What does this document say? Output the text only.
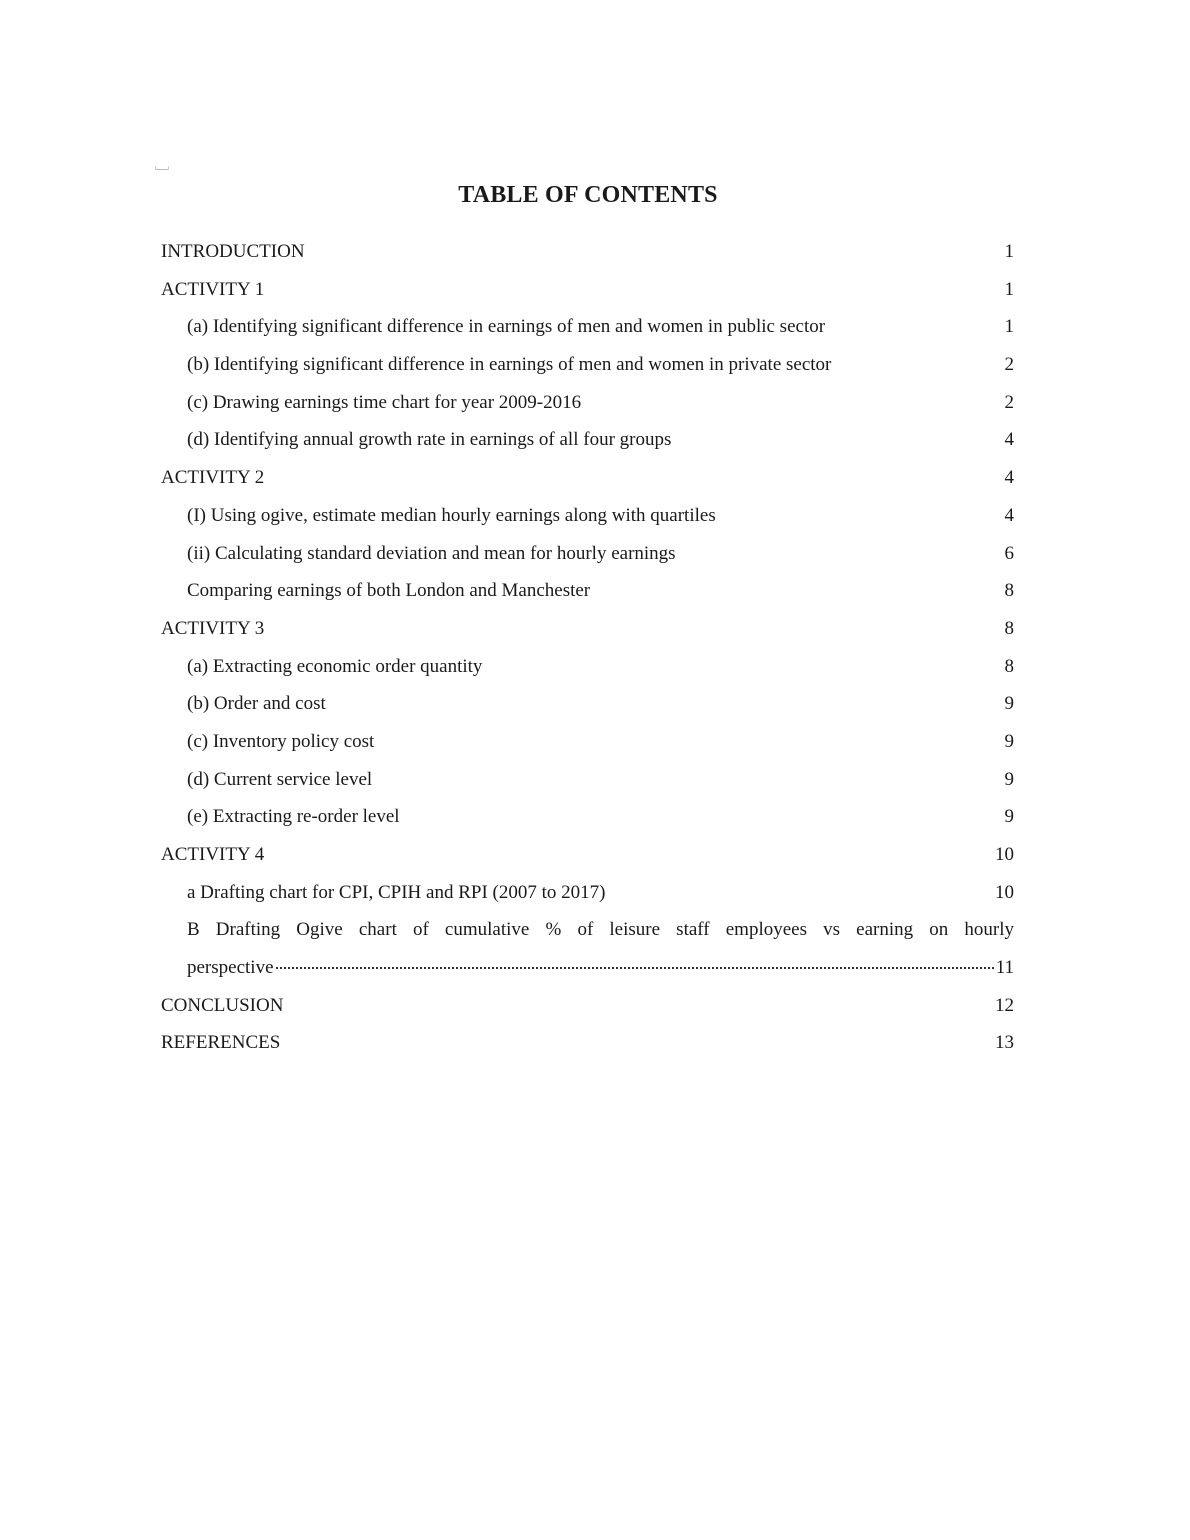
TABLE OF CONTENTS
INTRODUCTION	1
ACTIVITY 1	1
(a) Identifying significant difference in earnings of men and women in public sector	1
(b) Identifying significant difference in earnings of men and women in private sector	2
(c) Drawing earnings time chart for year 2009-2016	2
(d) Identifying annual growth rate in earnings of all four groups	4
ACTIVITY 2	4
(I) Using ogive, estimate median hourly earnings along with quartiles	4
(ii) Calculating standard deviation and mean for hourly earnings	6
Comparing earnings of both London and Manchester	8
ACTIVITY 3	8
(a) Extracting economic order quantity	8
(b) Order and cost	9
(c) Inventory policy cost	9
(d) Current service level	9
(e) Extracting re-order level	9
ACTIVITY 4	10
a Drafting chart for CPI, CPIH and RPI (2007 to 2017)	10
B Drafting Ogive chart of cumulative % of leisure staff employees vs earning on hourly
perspective	11
CONCLUSION	12
REFERENCES	13
